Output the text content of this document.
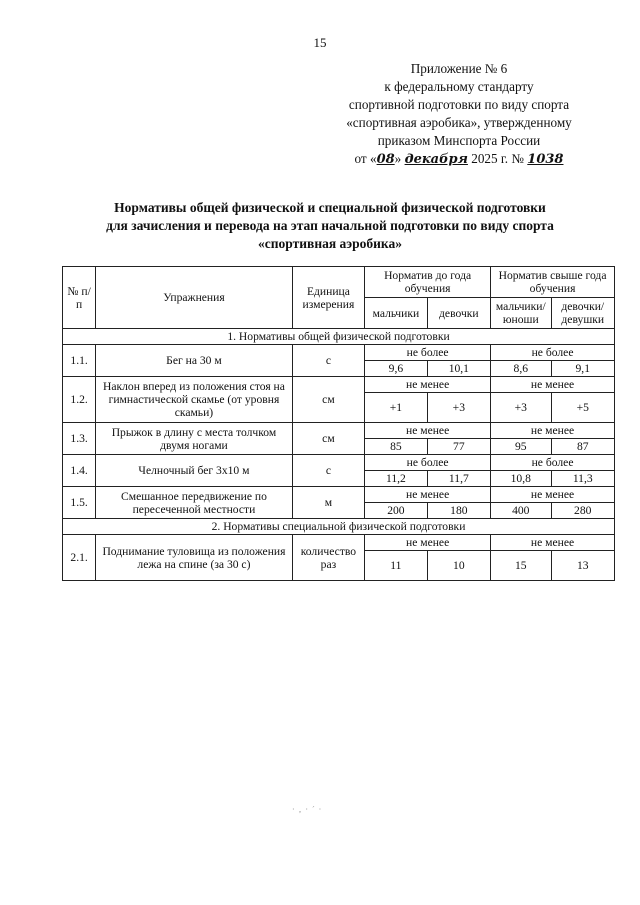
15
Приложение № 6
к федеральному стандарту
спортивной подготовки по виду спорта
«спортивная аэробика», утвержденному
приказом Минспорта России
от «08» декабря 2025 г. № 1038
Нормативы общей физической и специальной физической подготовки
для зачисления и перевода на этап начальной подготовки по виду спорта
«спортивная аэробика»
№ п/п	Упражнения	Единица измерения	Норматив до года обучения		Норматив свыше года обучения	
			мальчики	девочки	мальчики/ юноши	девочки/ девушки
1. Нормативы общей физической подготовки						
1.1.	Бег на 30 м	с	не более		не более	
			9,6	10,1	8,6	9,1
1.2.	Наклон вперед из положения стоя на гимнастической скамье (от уровня скамьи)	см	не менее		не менее	
			+1	+3	+3	+5
1.3.	Прыжок в длину с места толчком двумя ногами	см	не менее		не менее	
			85	77	95	87
1.4.	Челночный бег 3х10 м	с	не более		не более	
			11,2	11,7	10,8	11,3
1.5.	Смешанное передвижение по пересеченной местности	м	не менее		не менее	
			200	180	400	280
2. Нормативы специальной физической подготовки						
2.1.	Поднимание туловища из положения лежа на спине (за 30 с)	количество раз	не менее		не менее	
			11	10	15	13
· ‚ · ´ ·
